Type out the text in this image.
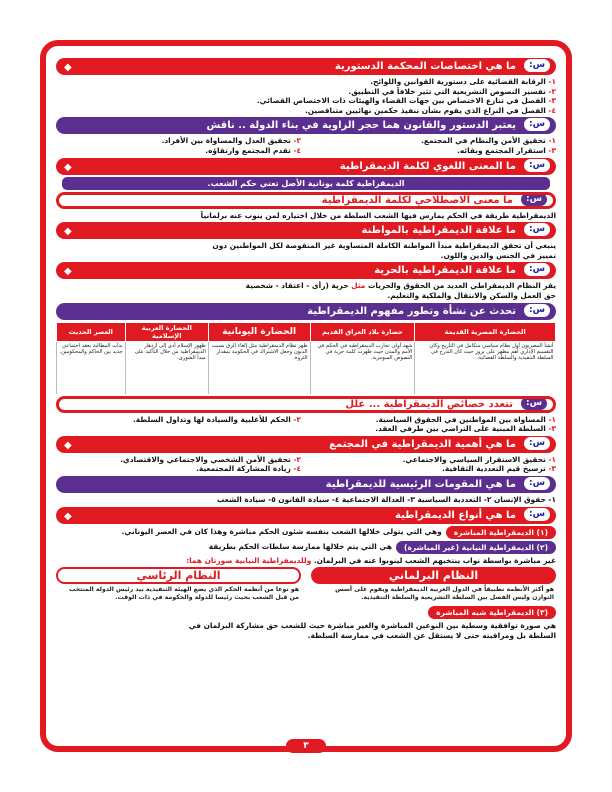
س:
ما هي اختصاصات المحكمة الدستورية
◆
١- الرقابة القضائية على دستورية القوانين واللوائح.
٢- تفسير النصوص التشريعية التي تثير خلافاً في التطبيق.
٣- الفصل في تنازع الاختصاص بين جهات القضاء والهيئات ذات الاختصاص القضائي.
٤- الفصل في النزاع الذي يقوم بشأن تنفيذ حكمين نهائيين متناقضين.
س:
يعتبر الدستور والقانون هما حجر الزاوية في بناء الدولة .. ناقش
١- تحقيق الأمن والنظام في المجتمع.
٢- تحقيق العدل والمساواة بين الأفراد.
٣- استقرار المجتمع وبقائه.
٤- تقدم المجتمع وارتقاؤه.
س:
ما المعنى اللغوي لكلمة الديمقراطية
◆
الديمقراطية كلمة يونانية الأصل تعني حكم الشعب.
س:
ما معنى الاصطلاحي لكلمة الديمقراطية
الديمقراطية طريقة في الحكم يمارس فيها الشعب السلطة من خلال اختياره لمن ينوب عنه برلمانياً
س:
ما علاقة الديمقراطية بالمواطنة
◆
ينبغي أن تحقق الديمقراطية مبدأ المواطنة الكاملة المتساوية غير المنقوصة لكل المواطنين دون
تمييز في الجنس والدين واللون.
س:
ما علاقة الديمقراطية بالحرية
◆
يقر النظام الديمقراطي العديد من الحقوق والحريات مثل حرية (رأى - اعتقاد - شخصية
حق العمل والسكن والانتقال والملكية والتعليم.
س:
تحدث عن نشأة وتطور مفهوم الديمقراطية
الحضارة المصرية القديمة	حضارة بلاد العراق القديم	الحضارة اليونانية	الحضارة العربية الإسلامية	العصر الحديث
أنشأ المصريون أول نظام سياسي متكامل في التاريخ وكان التقسيم الإداري أهم مظهر على بروز حيث كان التدرج في السلطة التنفيذية والسلطة القضائية.	شهد أولى تجارب الديمقراطية في الحكم في الأمم والمدن حيث ظهرت كلمة حرية في النصوص السومرية.	ظهر نظام الديمقراطية مثل إلغاء الرق بسبب الديون وجعل الاشتراك في الحكومة بمقدار الثروة.	ظهور الإسلام أدى إلى ازدهار الديمقراطية من خلال التأكيد على مبدأ الشورى.	بدأت المطالبة بعقد اجتماعي جديد بين الحاكم والمحكومين.
س:
تتعدد خصائص الديمقراطية ... علل
١- المساواة بين المواطنين في الحقوق السياسية.
٢- الحكم للأغلبية والسيادة لها وتداول السلطة.
٣- السلطة المبنية على التراضي بين طرفي العقد.
س:
ما هي أهمية الديمقراطية في المجتمع
◆
١- تحقيق الاستقرار السياسي والاجتماعي.
٢- تحقيق الأمن الشخصي والاجتماعي والاقتصادي.
٣- ترسيخ قيم التعددية الثقافية.
٤- زيادة المشاركة المجتمعية.
س:
ما هي المقومات الرئيسية للديمقراطية
١- حقوق الإنسان ٢- التعددية السياسية ٣- العدالة الاجتماعية ٤- سيادة القانون ٥- سيادة الشعب
س:
ما هي أنواع الديمقراطية
◆
(١) الديمقراطية المباشرة
وهي التي يتولى خلالها الشعب بنفسه شئون الحكم مباشرة وهذا كان في العصر اليوناني.
(٢) الديمقراطية النيابية (غير المباشرة)
هي التي يتم خلالها ممارسة سلطات الحكم بطريقة
غير مباشرة بواسطة نواب ينتخبهم الشعب لينوبوا عنه في البرلمان. وللديمقراطية النيابية صورتان هما:
النظام البرلماني
هو أكثر الأنظمة تطبيقاً في الدول الغربية الديمقراطية ويقوم على أسس التوازن وليس الفصل بين السلطة التشريعية والسلطة التنفيذية.
النظام الرئاسي
هو نوعا من أنظمة الحكم الذي يضع الهيئة التنفيذية بيد رئيس الدولة المنتخب من قبل الشعب بحيث رئيسا للدولة والحكومة في ذات الوقت.
(٣) الديمقراطية شبه المباشرة
هي صورة توافقية وسطية بين النوعين المباشرة والغير مباشرة حيث للشعب حق مشاركة البرلمان في
السلطة بل ومراقبته حتى لا يستقل عن الشعب في ممارسة السلطة.
٣
